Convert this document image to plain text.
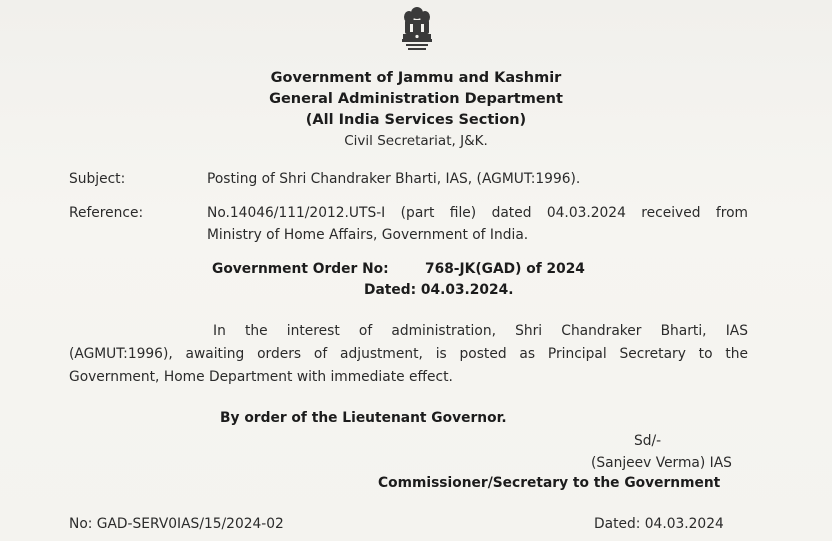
Government of Jammu and Kashmir
General Administration Department
(All India Services Section)
Civil Secretariat, J&K.
Subject:	Posting of Shri Chandraker Bharti, IAS, (AGMUT:1996).
Reference:	No.14046/111/2012.UTS-I (part file) dated 04.03.2024 received from
Ministry of Home Affairs, Government of India.
Government Order No:	768-JK(GAD) of 2024
Dated: 04.03.2024.
In the interest of administration, Shri Chandraker Bharti, IAS
(AGMUT:1996), awaiting orders of adjustment, is posted as Principal Secretary to the
Government, Home Department with immediate effect.
By order of the Lieutenant Governor.
Sd/-
(Sanjeev Verma) IAS
Commissioner/Secretary to the Government
No: GAD-SERV0IAS/15/2024-02	Dated: 04.03.2024
